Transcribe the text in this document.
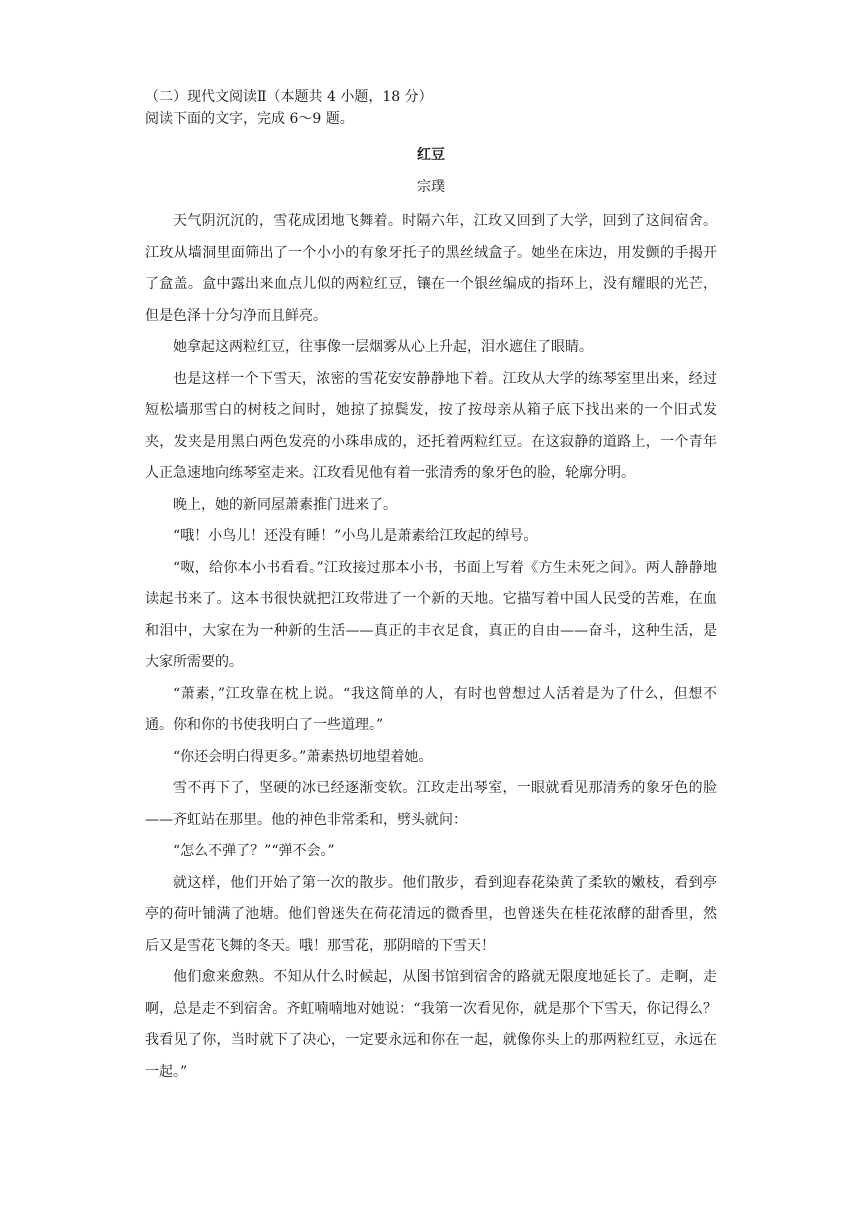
（二）现代文阅读Ⅱ（本题共 4 小题，18 分）

阅读下面的文字，完成 6～9 题。

红豆
宗璞

天气阴沉沉的，雪花成团地飞舞着。时隔六年，江玫又回到了大学，回到了这间宿舍。江玫从墙洞里面筛出了一个小小的有象牙托子的黑丝绒盒子。她坐在床边，用发颤的手揭开了盒盖。盒中露出来血点儿似的两粒红豆，镶在一个银丝编成的指环上，没有耀眼的光芒，但是色泽十分匀净而且鲜亮。

她拿起这两粒红豆，往事像一层烟雾从心上升起，泪水遮住了眼睛。

也是这样一个下雪天，浓密的雪花安安静静地下着。江玫从大学的练琴室里出来，经过短松墙那雪白的树枝之间时，她掠了掠鬓发，按了按母亲从箱子底下找出来的一个旧式发夹，发夹是用黑白两色发亮的小珠串成的，还托着两粒红豆。在这寂静的道路上，一个青年人正急速地向练琴室走来。江玫看见他有着一张清秀的象牙色的脸，轮廓分明。

晚上，她的新同屋萧素推门进来了。

“哦！小鸟儿！还没有睡！”小鸟儿是萧素给江玫起的绰号。

“呶，给你本小书看看。”江玫接过那本小书，书面上写着《方生未死之间》。两人静静地读起书来了。这本书很快就把江玫带进了一个新的天地。它描写着中国人民受的苦难，在血和泪中，大家在为一种新的生活——真正的丰衣足食，真正的自由——奋斗，这种生活，是大家所需要的。

“萧素，”江玫靠在枕上说。“我这简单的人，有时也曾想过人活着是为了什么，但想不通。你和你的书使我明白了一些道理。”

“你还会明白得更多。”萧素热切地望着她。

雪不再下了，坚硬的冰已经逐渐变软。江玫走出琴室，一眼就看见那清秀的象牙色的脸——齐虹站在那里。他的神色非常柔和，劈头就问：

“怎么不弹了？”“弹不会。”

就这样，他们开始了第一次的散步。他们散步，看到迎春花染黄了柔软的嫩枝，看到亭亭的荷叶铺满了池塘。他们曾迷失在荷花清远的微香里，也曾迷失在桂花浓酵的甜香里，然后又是雪花飞舞的冬天。哦！那雪花，那阴暗的下雪天！

他们愈来愈熟。不知从什么时候起，从图书馆到宿舍的路就无限度地延长了。走啊，走啊，总是走不到宿舍。齐虹喃喃地对她说：“我第一次看见你，就是那个下雪天，你记得么？我看见了你，当时就下了决心，一定要永远和你在一起，就像你头上的那两粒红豆，永远在一起。”
